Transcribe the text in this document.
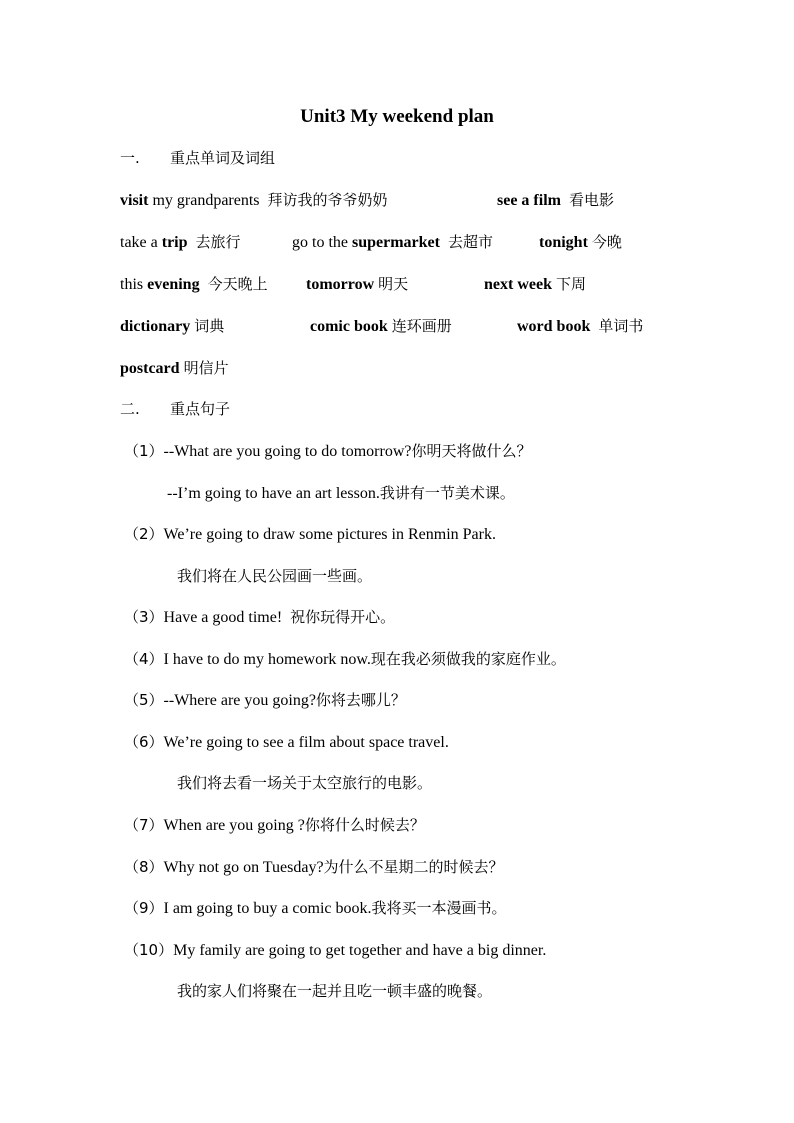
Unit3 My weekend plan
一. 重点单词及词组
visit my grandparents 拜访我的爷爷奶奶	see a film 看电影
take a trip 去旅行	go to the supermarket 去超市	tonight 今晚
this evening 今天晚上 tomorrow 明天	next week 下周
dictionary 词典	comic book 连环画册	word book 单词书
postcard 明信片
二. 重点句子
（1）--What are you going to do tomorrow?你明天将做什么？
--I’m going to have an art lesson.我讲有一节美术课。
（2）We’re going to draw some pictures in Renmin Park.
我们将在人民公园画一些画。
（3）Have a good time! 祝你玩得开心。
（4）I have to do my homework now.现在我必须做我的家庭作业。
（5）--Where are you going?你将去哪儿？
（6）We’re going to see a film about space travel.
我们将去看一场关于太空旅行的电影。
（7）When are you going ?你将什么时候去？
（8）Why not go on Tuesday?为什么不星期二的时候去？
（9）I am going to buy a comic book.我将买一本漫画书。
（10）My family are going to get together and have a big dinner.
我的家人们将聚在一起并且吃一顿丰盛的晚餐。
